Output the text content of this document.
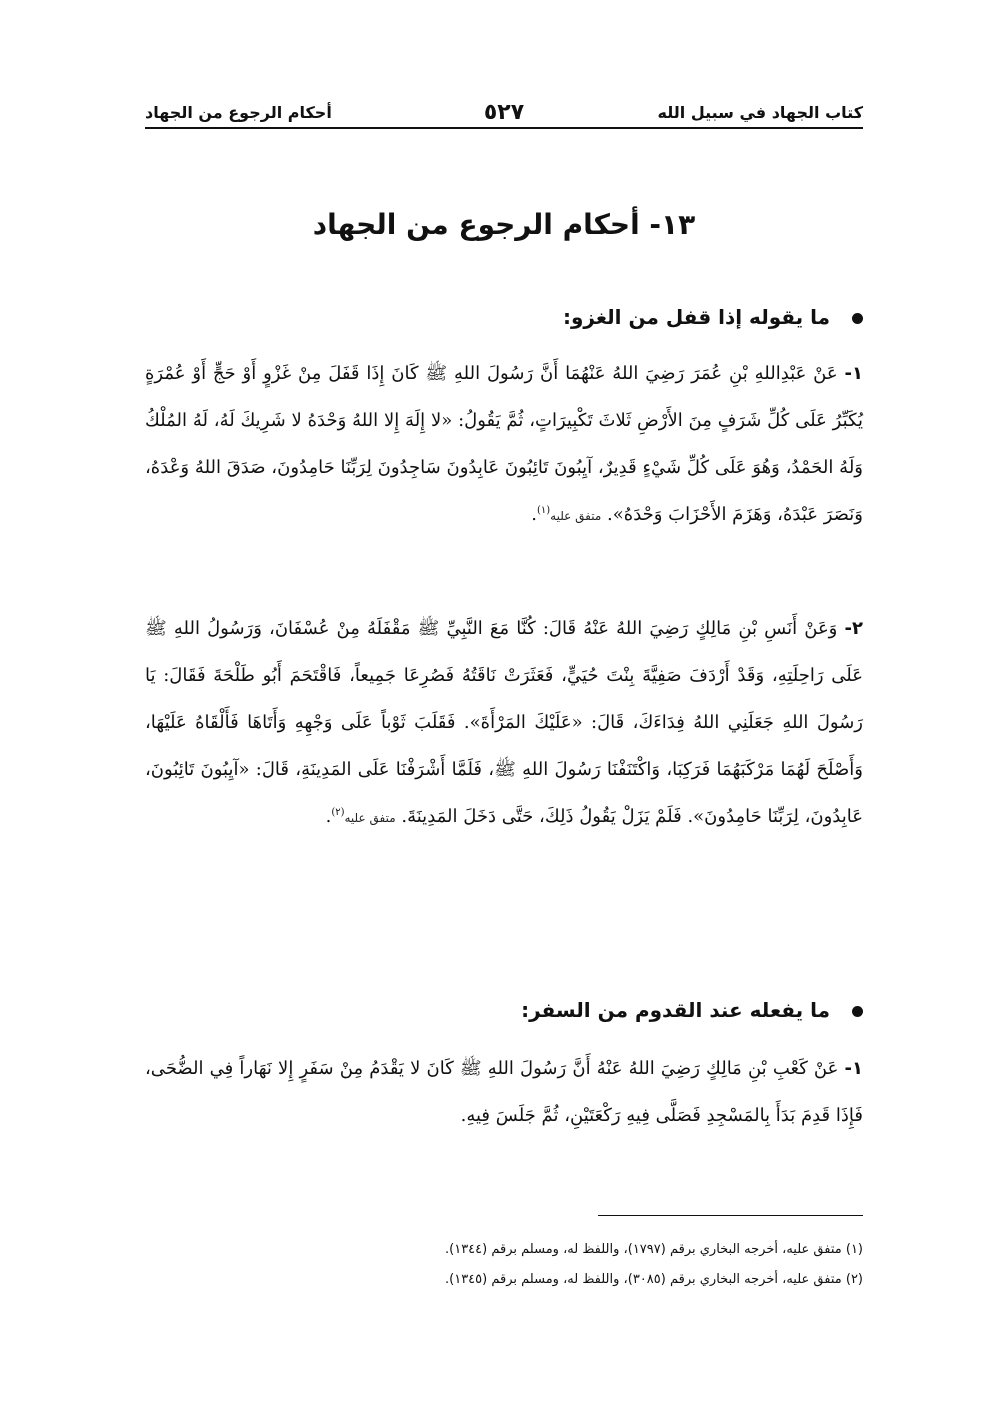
كتاب الجهاد في سبيل الله
٥٢٧
أحكام الرجوع من الجهاد
١٣- أحكام الرجوع من الجهاد
ما يقوله إذا قفل من الغزو:
١- عَنْ عَبْدِاللهِ بْنِ عُمَرَ رَضِيَ اللهُ عَنْهُمَا أَنَّ رَسُولَ اللهِ ﷺ كَانَ إِذَا قَفَلَ مِنْ غَزْوٍ أَوْ حَجٍّ أَوْ عُمْرَةٍ يُكَبِّرُ عَلَى كُلِّ شَرَفٍ مِنَ الأَرْضِ ثَلاثَ تَكْبِيرَاتٍ، ثُمَّ يَقُولُ: «لا إِلَهَ إِلا اللهُ وَحْدَهُ لا شَرِيكَ لَهُ، لَهُ المُلْكُ وَلَهُ الحَمْدُ، وَهُوَ عَلَى كُلِّ شَيْءٍ قَدِيرٌ، آيِبُونَ تَائِبُونَ عَابِدُونَ سَاجِدُونَ لِرَبِّنَا حَامِدُونَ، صَدَقَ اللهُ وَعْدَهُ، وَنَصَرَ عَبْدَهُ، وَهَزَمَ الأَحْزَابَ وَحْدَهُ». متفق عليه$^{(١)}$.
٢- وَعَنْ أَنَسِ بْنِ مَالِكٍ رَضِيَ اللهُ عَنْهُ قَالَ: كُنَّا مَعَ النَّبِيِّ ﷺ مَقْفَلَهُ مِنْ عُسْفَانَ، وَرَسُولُ اللهِ ﷺ عَلَى رَاحِلَتِهِ، وَقَدْ أَرْدَفَ صَفِيَّةَ بِنْتَ حُيَيٍّ، فَعَثَرَتْ نَاقَتُهُ فَصُرِعَا جَمِيعاً، فَاقْتَحَمَ أَبُو طَلْحَةَ فَقَالَ: يَا رَسُولَ اللهِ جَعَلَنِي اللهُ فِدَاءَكَ، قَالَ: «عَلَيْكَ المَرْأَةَ». فَقَلَبَ ثَوْباً عَلَى وَجْهِهِ وَأَتَاهَا فَأَلْقَاهُ عَلَيْهَا، وَأَصْلَحَ لَهُمَا مَرْكَبَهُمَا فَرَكِبَا، وَاكْتَنَفْنَا رَسُولَ اللهِ ﷺ، فَلَمَّا أَشْرَفْنَا عَلَى المَدِينَةِ، قَالَ: «آيِبُونَ تَائِبُونَ، عَابِدُونَ، لِرَبِّنَا حَامِدُونَ». فَلَمْ يَزَلْ يَقُولُ ذَلِكَ، حَتَّى دَخَلَ المَدِينَةَ. متفق عليه$^{(٢)}$.
ما يفعله عند القدوم من السفر:
١- عَنْ كَعْبِ بْنِ مَالِكٍ رَضِيَ اللهُ عَنْهُ أَنَّ رَسُولَ اللهِ ﷺ كَانَ لا يَقْدَمُ مِنْ سَفَرٍ إِلا نَهَاراً فِي الضُّحَى، فَإِذَا قَدِمَ بَدَأَ بِالمَسْجِدِ فَصَلَّى فِيهِ رَكْعَتَيْنِ، ثُمَّ جَلَسَ فِيهِ.
(١) متفق عليه، أخرجه البخاري برقم (١٧٩٧)، واللفظ له، ومسلم برقم (١٣٤٤).
(٢) متفق عليه، أخرجه البخاري برقم (٣٠٨٥)، واللفظ له، ومسلم برقم (١٣٤٥).
